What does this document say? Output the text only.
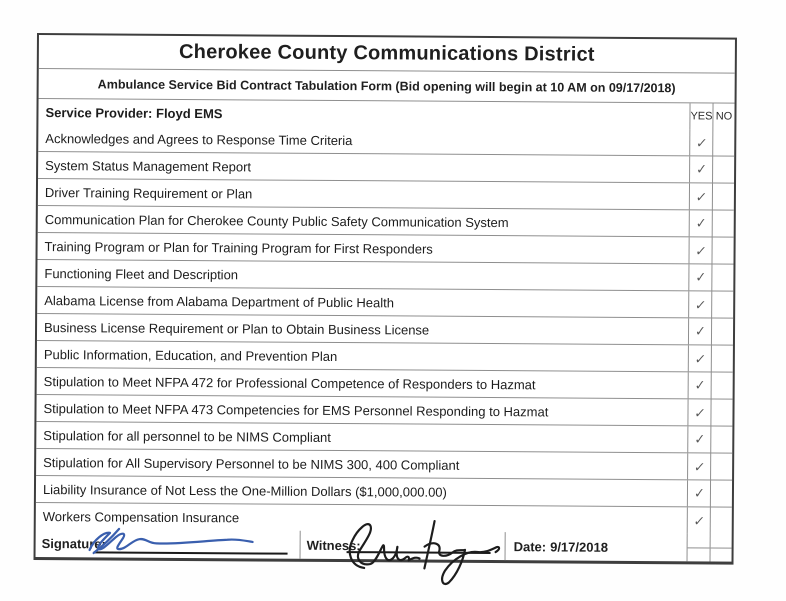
Cherokee County Communications District
Ambulance Service Bid Contract Tabulation Form (Bid opening will begin at 10 AM on 09/17/2018)
Service Provider: Floyd EMS	YES NO
Acknowledges and Agrees to Response Time Criteria	✓
System Status Management Report	✓
Driver Training Requirement or Plan	✓
Communication Plan for Cherokee County Public Safety Communication System	✓
Training Program or Plan for Training Program for First Responders	✓
Functioning Fleet and Description	✓
Alabama License from Alabama Department of Public Health	✓
Business License Requirement or Plan to Obtain Business License	✓
Public Information, Education, and Prevention Plan	✓
Stipulation to Meet NFPA 472 for Professional Competence of Responders to Hazmat	✓
Stipulation to Meet NFPA 473 Competencies for EMS Personnel Responding to Hazmat	✓
Stipulation for all personnel to be NIMS Compliant	✓
Stipulation for All Supervisory Personnel to be NIMS 300, 400 Compliant	✓
Liability Insurance of Not Less the One-Million Dollars ($1,000,000.00)	✓
Workers Compensation Insurance	✓
Signature:	Witness:	Date: 9/17/2018
